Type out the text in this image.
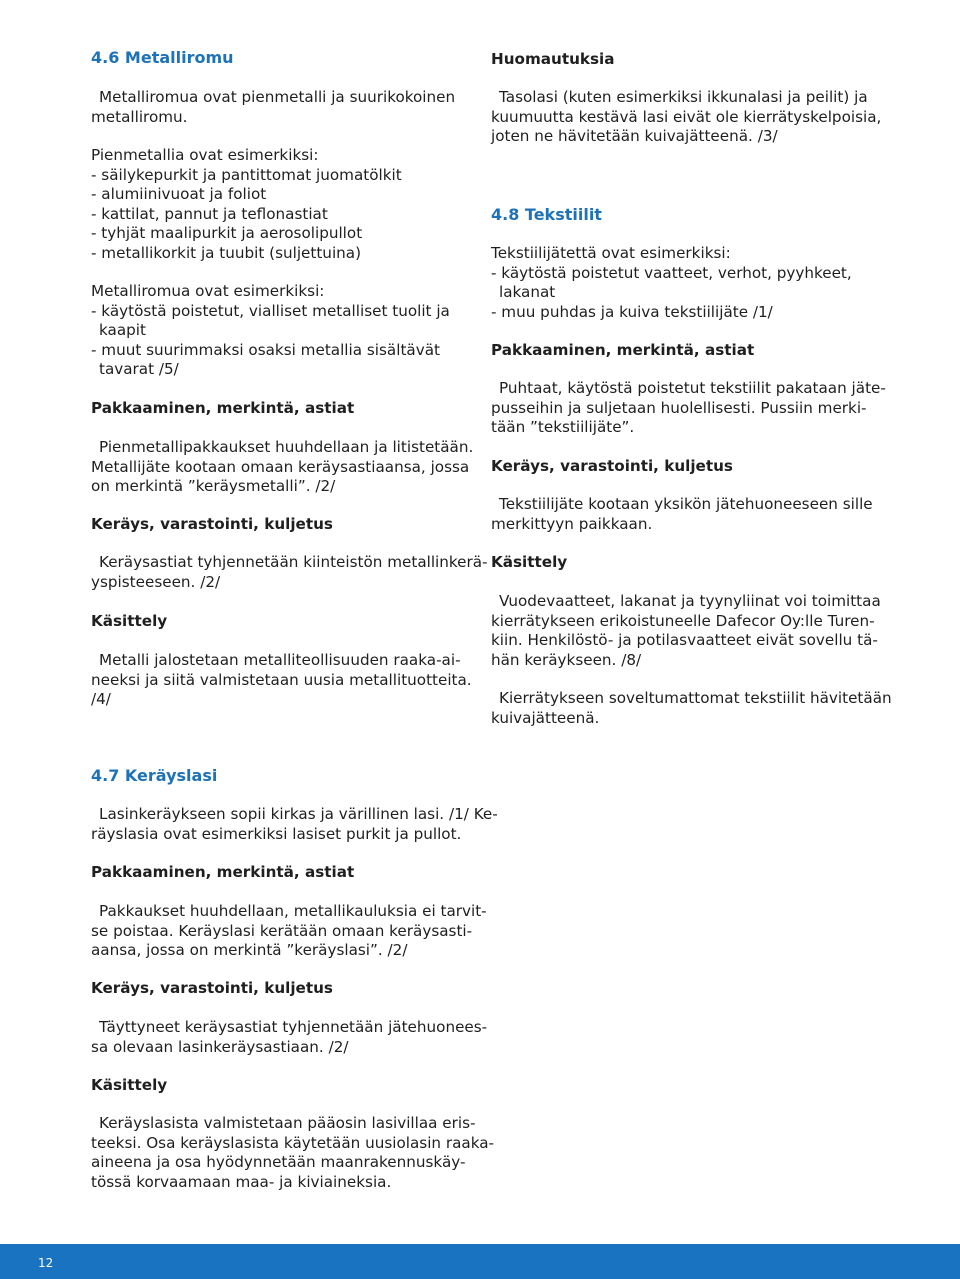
4.6 Metalliromu
Metalliromua ovat pienmetalli ja suurikokoinen
metalliromu.
Pienmetallia ovat esimerkiksi:
- säilykepurkit ja pantittomat juomatölkit
- alumiinivuoat ja foliot
- kattilat, pannut ja teflonastiat
- tyhjät maalipurkit ja aerosolipullot
- metallikorkit ja tuubit (suljettuina)
Metalliromua ovat esimerkiksi:
- käytöstä poistetut, vialliset metalliset tuolit ja
kaapit
- muut suurimmaksi osaksi metallia sisältävät
tavarat /5/
Pakkaaminen, merkintä, astiat
Pienmetallipakkaukset huuhdellaan ja litistetään.
Metallijäte kootaan omaan keräysastiaansa, jossa
on merkintä ”keräysmetalli”. /2/
Keräys, varastointi, kuljetus
Keräysastiat tyhjennetään kiinteistön metallinkerä-
yspisteeseen. /2/
Käsittely
Metalli jalostetaan metalliteollisuuden raaka-ai-
neeksi ja siitä valmistetaan uusia metallituotteita.
/4/
Huomautuksia
Tasolasi (kuten esimerkiksi ikkunalasi ja peilit) ja
kuumuutta kestävä lasi eivät ole kierrätyskelpoisia,
joten ne hävitetään kuivajätteenä. /3/
4.8 Tekstiilit
Tekstiilijätettä ovat esimerkiksi:
- käytöstä poistetut vaatteet, verhot, pyyhkeet,
lakanat
- muu puhdas ja kuiva tekstiilijäte /1/
Pakkaaminen, merkintä, astiat
Puhtaat, käytöstä poistetut tekstiilit pakataan jäte-
pusseihin ja suljetaan huolellisesti. Pussiin merki-
tään ”tekstiilijäte”.
Keräys, varastointi, kuljetus
Tekstiilijäte kootaan yksikön jätehuoneeseen sille
merkittyyn paikkaan.
Käsittely
Vuodevaatteet, lakanat ja tyynyliinat voi toimittaa
kierrätykseen erikoistuneelle Dafecor Oy:lle Turen-
kiin. Henkilöstö- ja potilasvaatteet eivät sovellu tä-
hän keräykseen. /8/
Kierrätykseen soveltumattomat tekstiilit hävitetään
kuivajätteenä.
4.7 Keräyslasi
Lasinkeräykseen sopii kirkas ja värillinen lasi. /1/ Ke-
räyslasia ovat esimerkiksi lasiset purkit ja pullot.
Pakkaaminen, merkintä, astiat
Pakkaukset huuhdellaan, metallikauluksia ei tarvit-
se poistaa. Keräyslasi kerätään omaan keräysasti-
aansa, jossa on merkintä ”keräyslasi”. /2/
Keräys, varastointi, kuljetus
Täyttyneet keräysastiat tyhjennetään jätehuonees-
sa olevaan lasinkeräysastiaan. /2/
Käsittely
Keräyslasista valmistetaan pääosin lasivillaa eris-
teeksi. Osa keräyslasista käytetään uusiolasin raaka-
aineena ja osa hyödynnetään maanrakennuskäy-
tössä korvaamaan maa- ja kiviaineksia.
12
